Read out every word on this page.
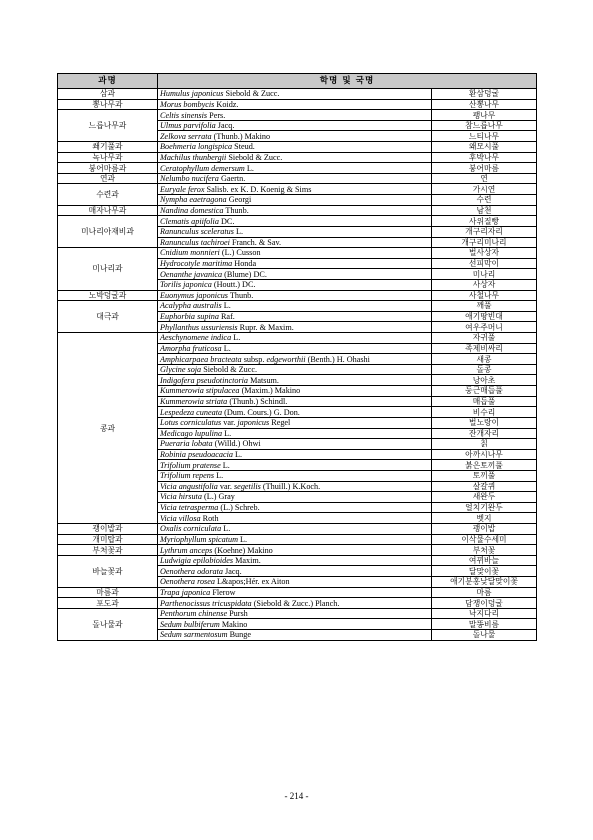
과명	학명 및 국명	
삼과	Humulus japonicus Siebold & Zucc.	환삼덩굴
뽕나무과	Morus bombycis Koidz.	산뽕나무
느릅나무과	Celtis sinensis Pers.	팽나무
	Ulmus parvifolia Jacq.	참느릅나무
	Zelkova serrata (Thunb.) Makino	느티나무
쐐기풀과	Boehmeria longispica Steud.	왜모시풀
녹나무과	Machilus thunbergii Siebold & Zucc.	후박나무
붕어마름과	Ceratophyllum demersum L.	붕어마름
연과	Nelumbo nucifera Gaertn.	연
수련과	Euryale ferox Salisb. ex K. D. Koenig & Sims	가시연
	Nympha eaetragona Georgi	수련
매자나무과	Nandina domestica Thunb.	남천
미나리아재비과	Clematis apiifolia DC.	사위질빵
	Ranunculus sceleratus L.	개구리자리
	Ranunculus tachiroei Franch. & Sav.	개구리미나리
미나리과	Cnidium monnieri (L.) Cusson	벌사상자
	Hydrocotyle maritima Honda	선피막이
	Oenanthe javanica (Blume) DC.	미나리
	Torilis japonica (Houtt.) DC.	사상자
노박덩굴과	Euonymus japonicus Thunb.	사철나무
대극과	Acalypha australis L.	깨풀
	Euphorbia supina Raf.	애기땅빈대
	Phyllanthus ussuriensis Rupr. & Maxim.	여우주머니
콩과	Aeschynomene indica L.	자귀풀
	Amorpha fruticosa L.	족제비싸리
	Amphicarpaea bracteata subsp. edgeworthii (Benth.) H. Ohashi	새콩
	Glycine soja Siebold & Zucc.	돌콩
	Indigofera pseudotinctoria Matsum.	낭아초
	Kummerowia stipulacea (Maxim.) Makino	둥근매듭풀
	Kummerowia striata (Thunb.) Schindl.	매듭풀
	Lespedeza cuneata (Dum. Cours.) G. Don.	비수리
	Lotus corniculatus var. japonicus Regel	벌노랑이
	Medicago lupulina L.	잔개자리
	Pueraria lobata (Willd.) Ohwi	칡
	Robinia pseudoacacia L.	아까시나무
	Trifolium pratense L.	붉은토끼풀
	Trifolium repens L.	토끼풀
	Vicia angustifolia var. segetilis (Thuill.) K.Koch.	살갈퀴
	Vicia hirsuta (L.) Gray	새완두
	Vicia tetrasperma (L.) Schreb.	얼치기완두
	Vicia villosa Roth	벳지
괭이밥과	Oxalis corniculata L.	괭이밥
개미탑과	Myriophyllum spicatum L.	이삭물수세미
부처꽃과	Lythrum anceps (Koehne) Makino	부처꽃
바늘꽃과	Ludwigia epilobioides Maxim.	여뀌바늘
	Oenothera odorata Jacq.	달맞이꽃
	Oenothera rosea L&apos;Hér. ex Aiton	애기분홍낮달맞이꽃
마름과	Trapa japonica Flerow	마름
포도과	Parthenocissus tricuspidata (Siebold & Zucc.) Planch.	담쟁이덩굴
돌나물과	Penthorum chinense Pursh	낙지다리
	Sedum bulbiferum Makino	말똥비름
	Sedum sarmentosum Bunge	돌나물
- 214 -
